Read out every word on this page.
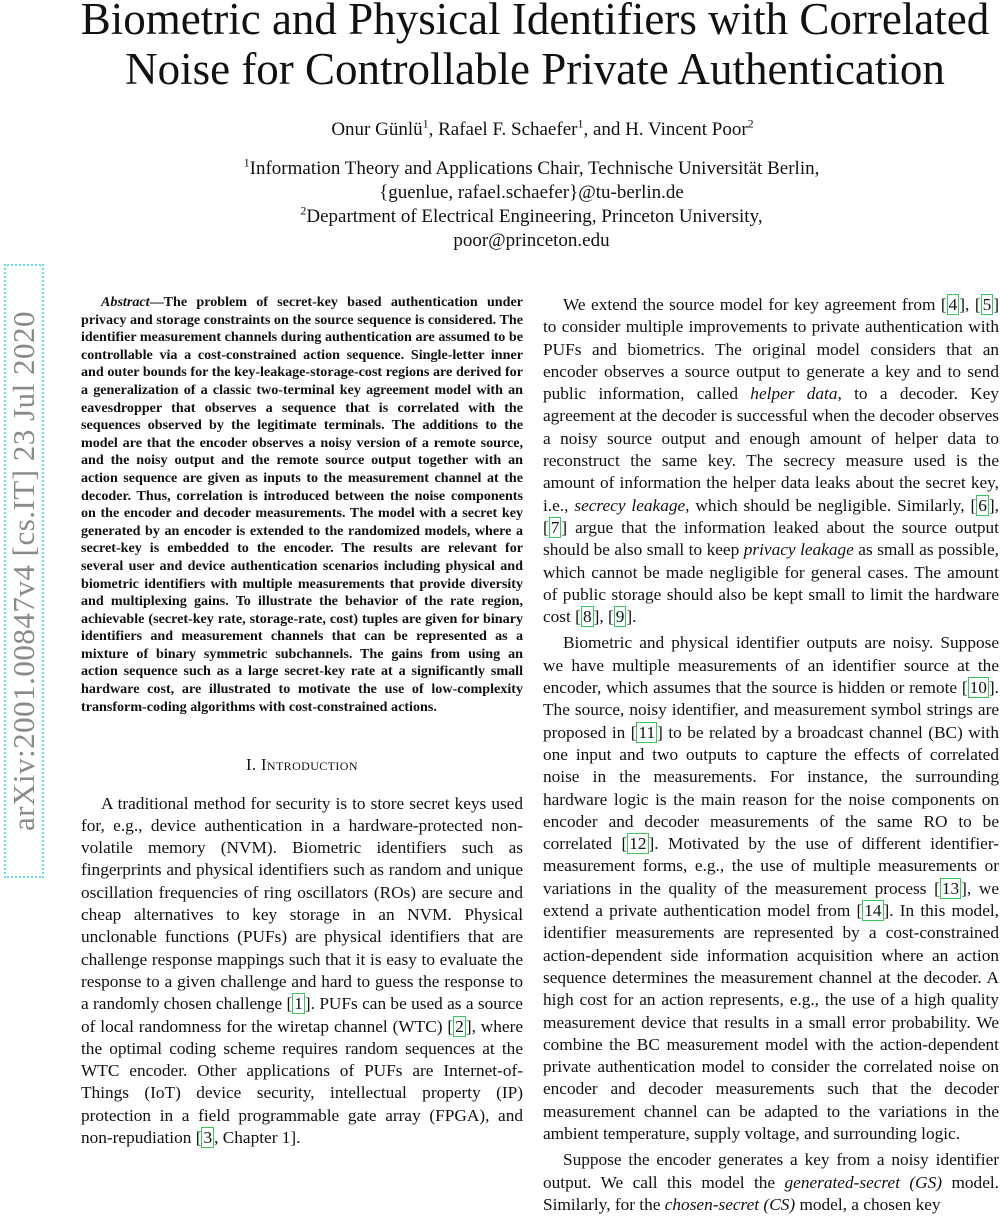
Biometric and Physical Identifiers with Correlated
Noise for Controllable Private Authentication
Onur Günlü$^1$, Rafael F. Schaefer$^1$, and H. Vincent Poor$^2$
$^1$Information Theory and Applications Chair, Technische Universität Berlin,
{guenlue, rafael.schaefer}@tu-berlin.de
$^2$Department of Electrical Engineering, Princeton University,
poor@princeton.edu
arXiv:2001.00847v4 [cs.IT] 23 Jul 2020

Abstract—The problem of secret-key based authentication under privacy and storage constraints on the source sequence is considered. The identifier measurement channels during authentication are assumed to be controllable via a cost-constrained action sequence. Single-letter inner and outer bounds for the key-leakage-storage-cost regions are derived for a generalization of a classic two-terminal key agreement model with an eavesdropper that observes a sequence that is correlated with the sequences observed by the legitimate terminals. The additions to the model are that the encoder observes a noisy version of a remote source, and the noisy output and the remote source output together with an action sequence are given as inputs to the measurement channel at the decoder. Thus, correlation is introduced between the noise components on the encoder and decoder measurements. The model with a secret key generated by an encoder is extended to the randomized models, where a secret-key is embedded to the encoder. The results are relevant for several user and device authentication scenarios including physical and biometric identifiers with multiple measurements that provide diversity and multiplexing gains. To illustrate the behavior of the rate region, achievable (secret-key rate, storage-rate, cost) tuples are given for binary identifiers and measurement channels that can be represented as a mixture of binary symmetric subchannels. The gains from using an action sequence such as a large secret-key rate at a significantly small hardware cost, are illustrated to motivate the use of low-complexity transform-coding algorithms with cost-constrained actions.

I. Introduction

A traditional method for security is to store secret keys used for, e.g., device authentication in a hardware-protected non-volatile memory (NVM). Biometric identifiers such as fingerprints and physical identifiers such as random and unique oscillation frequencies of ring oscillators (ROs) are secure and cheap alternatives to key storage in an NVM. Physical unclonable functions (PUFs) are physical identifiers that are challenge response mappings such that it is easy to evaluate the response to a given challenge and hard to guess the response to a randomly chosen challenge [ 1 ]. PUFs can be used as a source of local randomness for the wiretap channel (WTC) [ 2 ], where the optimal coding scheme requires random sequences at the WTC encoder. Other applications of PUFs are Internet-of-Things (IoT) device security, intellectual property (IP) protection in a field programmable gate array (FPGA), and non-repudiation [ 3 , Chapter 1].

We extend the source model for key agreement from [ 4 ], [ 5 ] to consider multiple improvements to private authentication with PUFs and biometrics. The original model considers that an encoder observes a source output to generate a key and to send public information, called helper data, to a decoder. Key agreement at the decoder is successful when the decoder observes a noisy source output and enough amount of helper data to reconstruct the same key. The secrecy measure used is the amount of information the helper data leaks about the secret key, i.e., secrecy leakage, which should be negligible. Similarly, [ 6 ], [ 7 ] argue that the information leaked about the source output should be also small to keep privacy leakage as small as possible, which cannot be made negligible for general cases. The amount of public storage should also be kept small to limit the hardware cost [ 8 ], [ 9 ].

Biometric and physical identifier outputs are noisy. Suppose we have multiple measurements of an identifier source at the encoder, which assumes that the source is hidden or remote [ 10 ]. The source, noisy identifier, and measurement symbol strings are proposed in [ 11 ] to be related by a broadcast channel (BC) with one input and two outputs to capture the effects of correlated noise in the measurements. For instance, the surrounding hardware logic is the main reason for the noise components on encoder and decoder measurements of the same RO to be correlated [ 12 ]. Motivated by the use of different identifier-measurement forms, e.g., the use of multiple measurements or variations in the quality of the measurement process [ 13 ], we extend a private authentication model from [ 14 ]. In this model, identifier measurements are represented by a cost-constrained action-dependent side information acquisition where an action sequence determines the measurement channel at the decoder. A high cost for an action represents, e.g., the use of a high quality measurement device that results in a small error probability. We combine the BC measurement model with the action-dependent private authentication model to consider the correlated noise on encoder and decoder measurements such that the decoder measurement channel can be adapted to the variations in the ambient temperature, supply voltage, and surrounding logic.

Suppose the encoder generates a key from a noisy identifier output. We call this model the generated-secret (GS) model. Similarly, for the chosen-secret (CS) model, a chosen key
